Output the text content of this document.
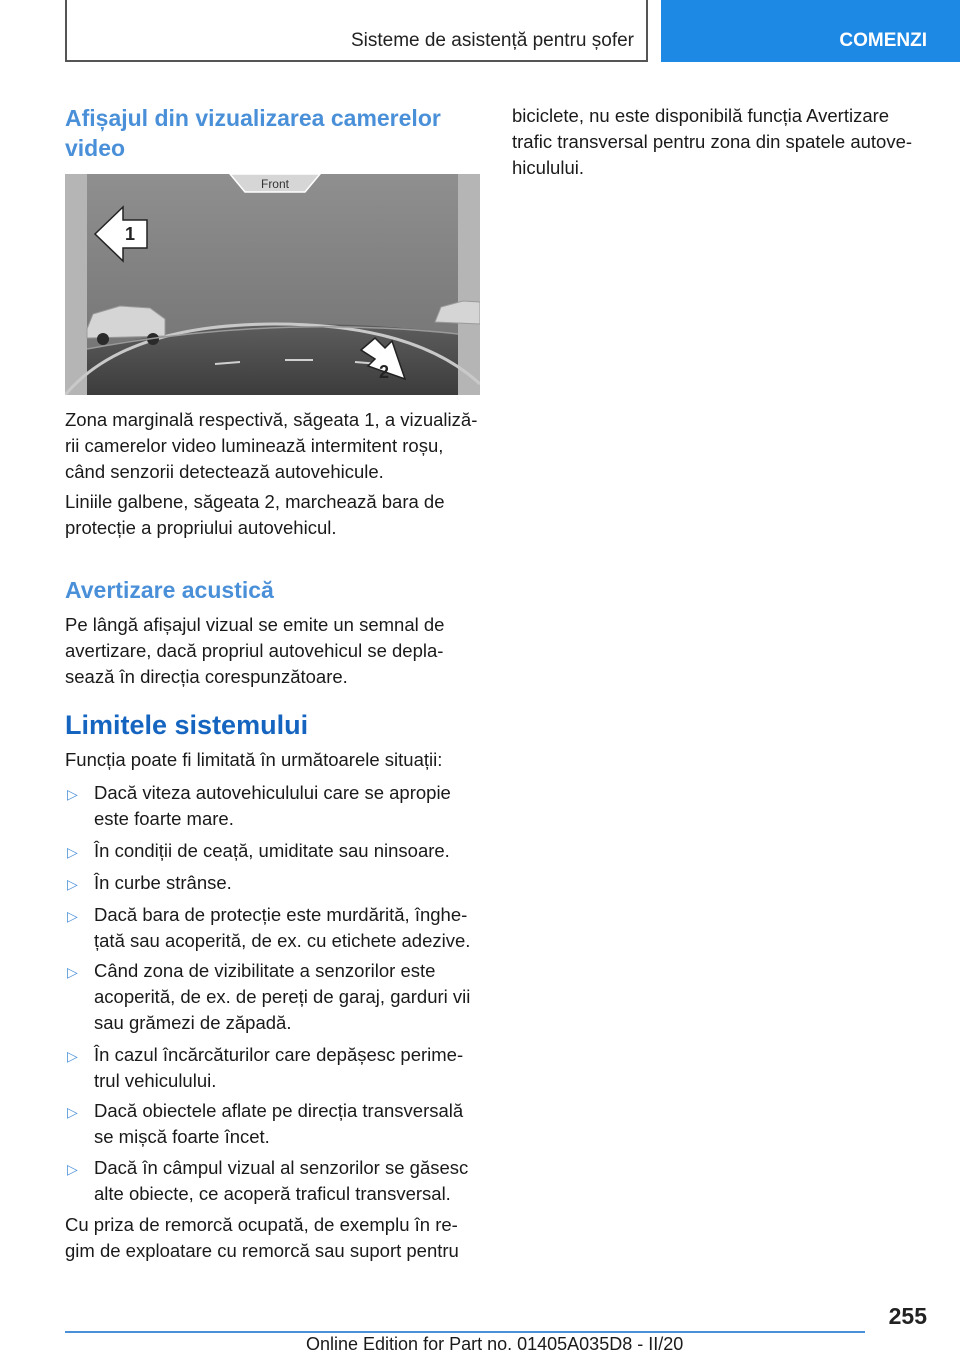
Sisteme de asistență pentru șofer	COMENZI
Afișajul din vizualizarea camerelor video
Front
1
2

Zona marginală respectivă, săgeata 1, a vizualiză‐rii camerelor video luminează intermitent roșu, când senzorii detectează autovehicule.

Liniile galbene, săgeata 2, marchează bara de protecție a propriului autovehicul.

Avertizare acustică

Pe lângă afișajul vizual se emite un semnal de avertizare, dacă propriul autovehicul se depla‐sează în direcția corespunzătoare.

Limitele sistemului

Funcția poate fi limitată în următoarele situații:

▷ Dacă viteza autovehiculului care se apropie este foarte mare.
▷ În condiții de ceață, umiditate sau ninsoare.
▷ În curbe strânse.
▷ Dacă bara de protecție este murdărită, înghe‐țată sau acoperită, de ex. cu etichete adezive.
▷ Când zona de vizibilitate a senzorilor este acoperită, de ex. de pereți de garaj, garduri vii sau grămezi de zăpadă.
▷ În cazul încărcăturilor care depășesc perime‐trul vehiculului.
▷ Dacă obiectele aflate pe direcția transversală se mișcă foarte încet.
▷ Dacă în câmpul vizual al senzorilor se găsesc alte obiecte, ce acoperă traficul transversal.

Cu priza de remorcă ocupată, de exemplu în re‐gim de exploatare cu remorcă sau suport pentru

biciclete, nu este disponibilă funcția Avertizare trafic transversal pentru zona din spatele autove‐hiculului.

255
Online Edition for Part no. 01405A035D8 - II/20
